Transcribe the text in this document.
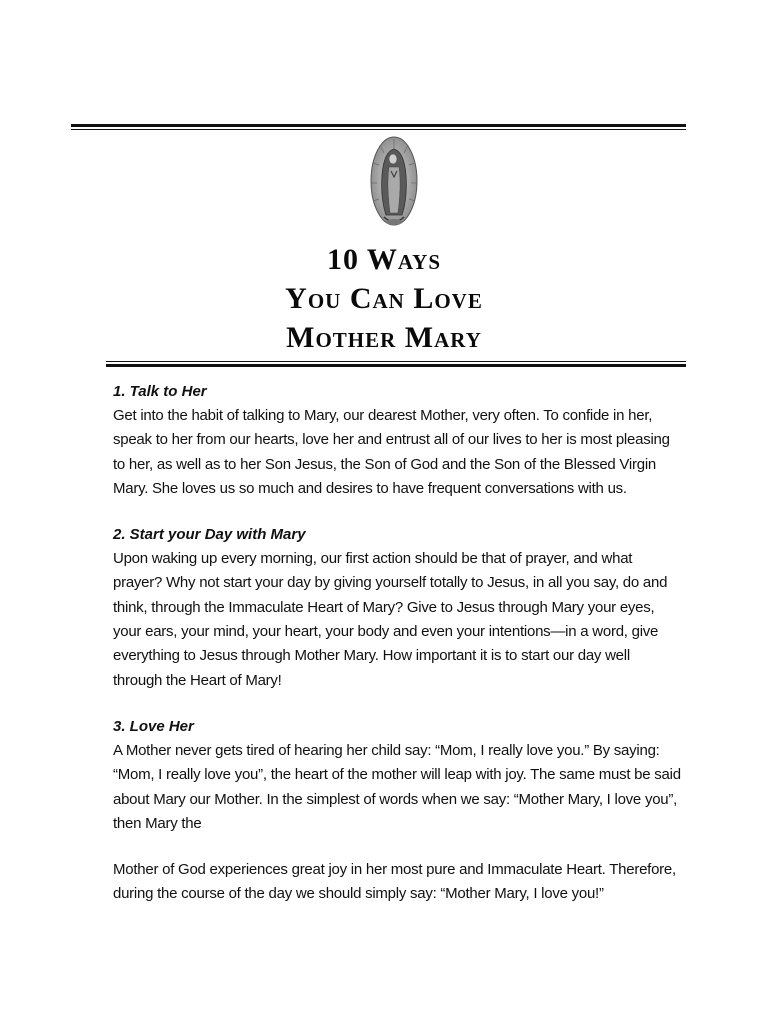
10 Ways
You Can Love
Mother Mary
1. Talk to Her
Get into the habit of talking to Mary, our dearest Mother, very often. To confide in her, speak to her from our hearts, love her and entrust all of our lives to her is most pleasing to her, as well as to her Son Jesus, the Son of God and the Son of the Blessed Virgin Mary. She loves us so much and desires to have frequent conversations with us.
2. Start your Day with Mary
Upon waking up every morning, our first action should be that of prayer, and what prayer? Why not start your day by giving yourself totally to Jesus, in all you say, do and think, through the Immaculate Heart of Mary? Give to Jesus through Mary your eyes, your ears, your mind, your heart, your body and even your intentions—in a word, give everything to Jesus through Mother Mary. How important it is to start our day well through the Heart of Mary!
3. Love Her
A Mother never gets tired of hearing her child say: “Mom, I really love you.” By saying: “Mom, I really love you”, the heart of the mother will leap with joy. The same must be said about Mary our Mother. In the simplest of words when we say: “Mother Mary, I love you”, then Mary the
Mother of God experiences great joy in her most pure and Immaculate Heart. Therefore, during the course of the day we should simply say: “Mother Mary, I love you!”
